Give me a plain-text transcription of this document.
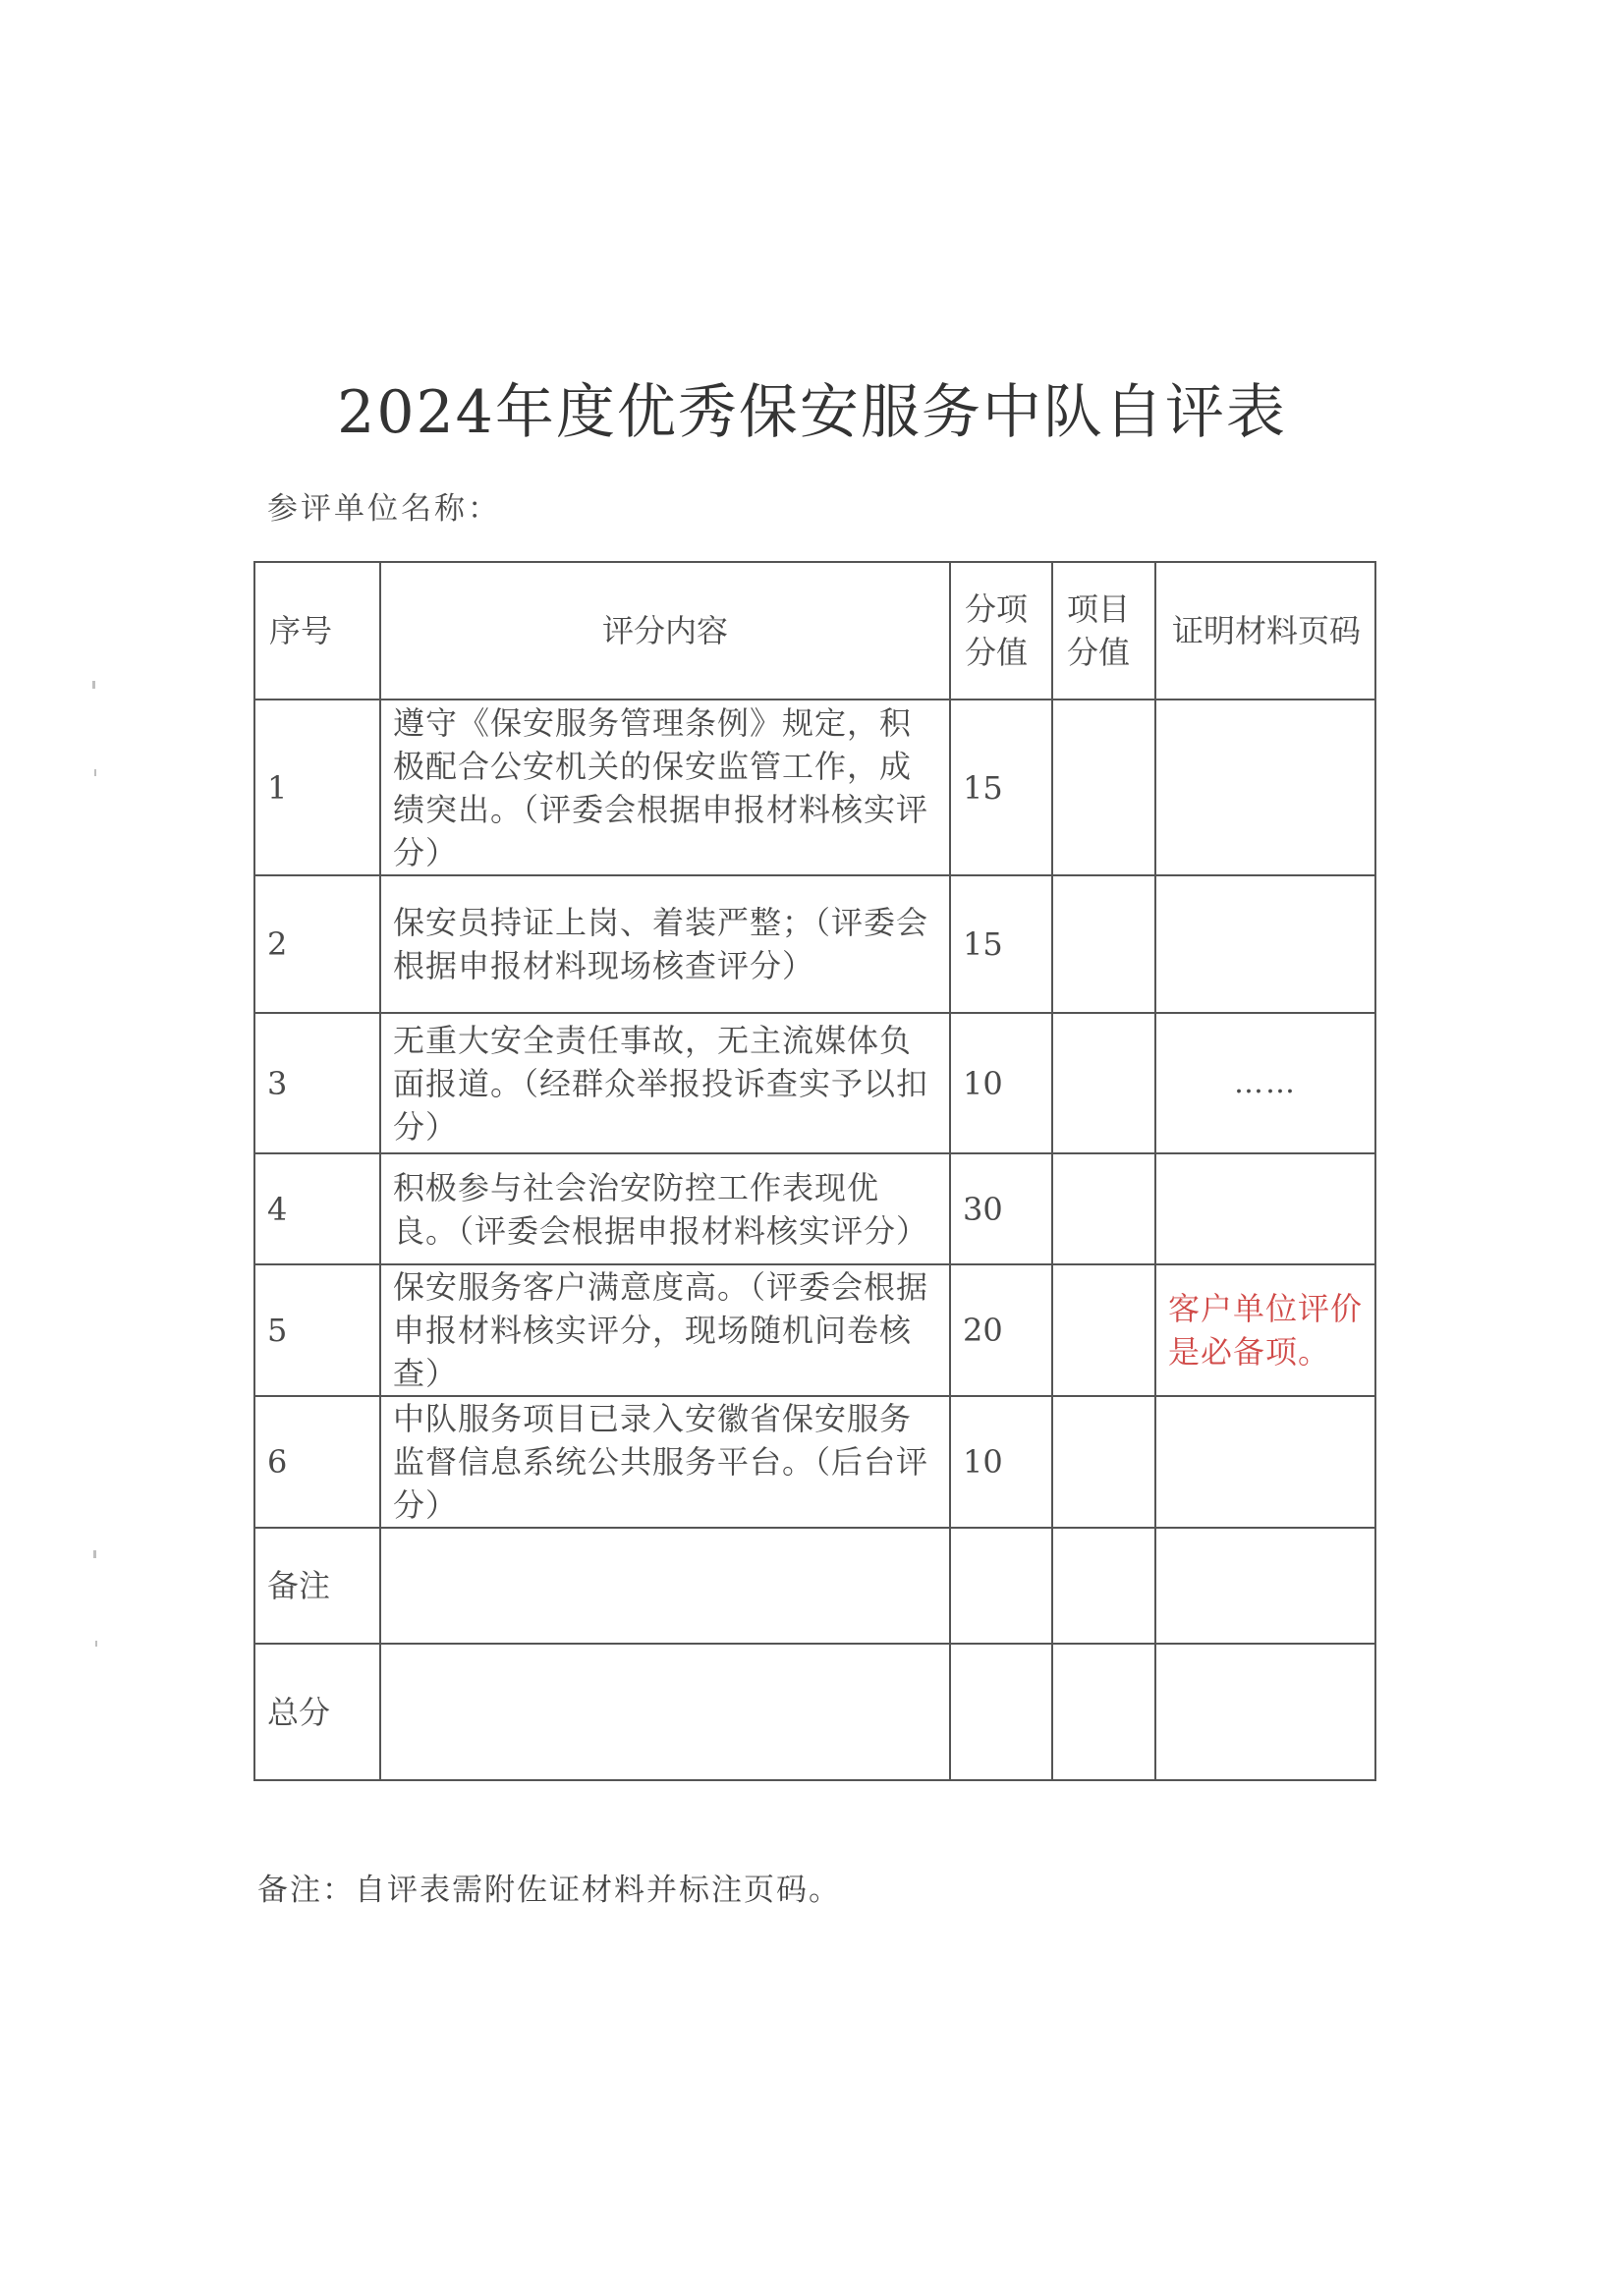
2024年度优秀保安服务中队自评表
参评单位名称：
序号	评分内容	分项分值	项目分值	证明材料页码
1	遵守《保安服务管理条例》规定，积极配合公安机关的保安监管工作，成绩突出。（评委会根据申报材料核实评分）	15		
2	保安员持证上岗、着装严整；（评委会根据申报材料现场核查评分）	15		
3	无重大安全责任事故，无主流媒体负面报道。（经群众举报投诉查实予以扣分）	10		……
4	积极参与社会治安防控工作表现优良。（评委会根据申报材料核实评分）	30		
5	保安服务客户满意度高。（评委会根据申报材料核实评分，现场随机问卷核查）	20		客户单位评价是必备项。
6	中队服务项目已录入安徽省保安服务监督信息系统公共服务平台。（后台评分）	10		
备注				
总分				
备注：自评表需附佐证材料并标注页码。
